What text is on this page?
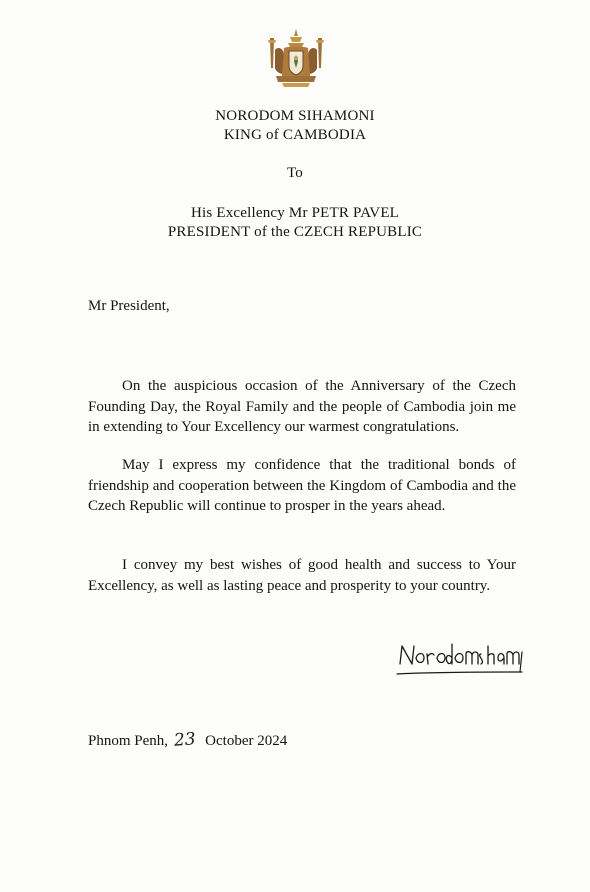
NORODOM SIHAMONI
KING of CAMBODIA
To
His Excellency Mr PETR PAVEL
PRESIDENT of the CZECH REPUBLIC
Mr President,

On the auspicious occasion of the Anniversary of the Czech Founding Day, the Royal Family and the people of Cambodia join me in extending to Your Excellency our warmest congratulations.

May I express my confidence that the traditional bonds of friendship and cooperation between the Kingdom of Cambodia and the Czech Republic will continue to prosper in the years ahead.

I convey my best wishes of good health and success to Your Excellency, as well as lasting peace and prosperity to your country.

Phnom Penh, 23 October 2024
